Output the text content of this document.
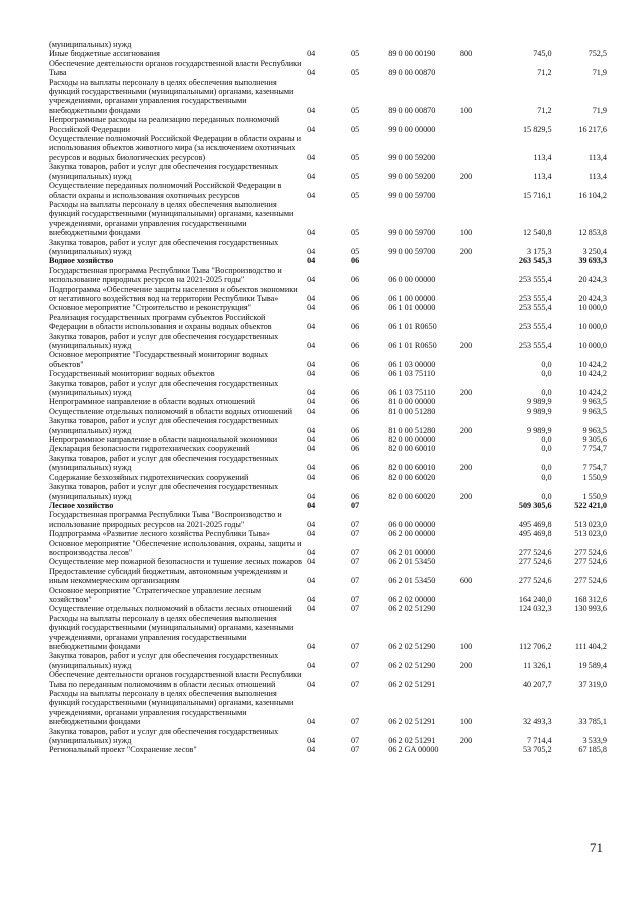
(муниципальных) нужд
Иные бюджетные ассигнования	04	05	89 0 00 00190	800	745,0	752,5
Обеспечение деятельности органов государственной власти Республики Тыва	04	05	89 0 00 00870	71,2	71,9
Расходы на выплаты персоналу в целях обеспечения выполнения функций государственными (муниципальными) органами, казенными учреждениями, органами управления государственными внебюджетными фондами	04	05	89 0 00 00870	100	71,2	71,9
Непрограммные расходы на реализацию переданных полномочий Российской Федерации	04	05	99 0 00 00000	15 829,5	16 217,6
Осуществление полномочий Российской Федерации в области охраны и использования объектов животного мира (за исключением охотничьих ресурсов и водных биологических ресурсов)	04	05	99 0 00 59200	113,4	113,4
Закупка товаров, работ и услуг для обеспечения государственных (муниципальных) нужд	04	05	99 0 00 59200	200	113,4	113,4
Осуществление переданных полномочий Российской Федерации в области охраны и использования охотничьих ресурсов	04	05	99 0 00 59700	15 716,1	16 104,2
Расходы на выплаты персоналу в целях обеспечения выполнения функций государственными (муниципальными) органами, казенными учреждениями, органами управления государственными внебюджетными фондами	04	05	99 0 00 59700	100	12 540,8	12 853,8
Закупка товаров, работ и услуг для обеспечения государственных (муниципальных) нужд	04	05	99 0 00 59700	200	3 175,3	3 250,4
Водное хозяйство	04	06	263 545,3	39 693,3
Государственная программа Республики Тыва "Воспроизводство и использование природных ресурсов на 2021-2025 годы"	04	06	06 0 00 00000	253 555,4	20 424,3
Подпрограмма «Обеспечение защиты населения и объектов экономики от негативного воздействия вод на территории Республики Тыва»	04	06	06 1 00 00000	253 555,4	20 424,3
Основное мероприятие "Строительство и реконструкция"	04	06	06 1 01 00000	253 555,4	10 000,0
Реализация государственных программ субъектов Российской Федерации в области использования и охраны водных объектов	04	06	06 1 01 R0650	253 555,4	10 000,0
Закупка товаров, работ и услуг для обеспечения государственных (муниципальных) нужд	04	06	06 1 01 R0650	200	253 555,4	10 000,0
Основное мероприятие "Государственный мониторинг водных объектов"	04	06	06 1 03 00000	0,0	10 424,2
Государственный мониторинг водных объектов	04	06	06 1 03 75110	0,0	10 424,2
Закупка товаров, работ и услуг для обеспечения государственных (муниципальных) нужд	04	06	06 1 03 75110	200	0,0	10 424,2
Непрограммное направление в области водных отношений	04	06	81 0 00 00000	9 989,9	9 963,5
Осуществление отдельных полномочий в области водных отношений	04	06	81 0 00 51280	9 989,9	9 963,5
Закупка товаров, работ и услуг для обеспечения государственных (муниципальных) нужд	04	06	81 0 00 51280	200	9 989,9	9 963,5
Непрограммное направление в области национальной экономики	04	06	82 0 00 00000	0,0	9 305,6
Декларация безопасности гидротехнических сооружений	04	06	82 0 00 60010	0,0	7 754,7
Закупка товаров, работ и услуг для обеспечения государственных (муниципальных) нужд	04	06	82 0 00 60010	200	0,0	7 754,7
Содержание безхозяйных гидротехнических сооружений	04	06	82 0 00 60020	0,0	1 550,9
Закупка товаров, работ и услуг для обеспечения государственных (муниципальных) нужд	04	06	82 0 00 60020	200	0,0	1 550,9
Лесное хозяйство	04	07	509 305,6	522 421,0
Государственная программа Республики Тыва "Воспроизводство и использование природных ресурсов на 2021-2025 годы"	04	07	06 0 00 00000	495 469,8	513 023,0
Подпрограмма «Развитие лесного хозяйства Республики Тыва»	04	07	06 2 00 00000	495 469,8	513 023,0
Основное мероприятие "Обеспечение использования, охраны, защиты и воспроизводства лесов"	04	07	06 2 01 00000	277 524,6	277 524,6
Осуществление мер пожарной безопасности и тушение лесных пожаров 04	07	06 2 01 53450	277 524,6	277 524,6
Предоставление субсидий бюджетным, автономным учреждениям и иным некоммерческим организациям	04	07	06 2 01 53450	600	277 524,6	277 524,6
Основное мероприятие "Стратегическое управление лесным хозяйством"	04	07	06 2 02 00000	164 240,0	168 312,6
Осуществление отдельных полномочий в области лесных отношений	04	07	06 2 02 51290	124 032,3	130 993,6
Расходы на выплаты персоналу в целях обеспечения выполнения функций государственными (муниципальными) органами, казенными учреждениями, органами управления государственными внебюджетными фондами	04	07	06 2 02 51290	100	112 706,2	111 404,2
Закупка товаров, работ и услуг для обеспечения государственных (муниципальных) нужд	04	07	06 2 02 51290	200	11 326,1	19 589,4
Обеспечение деятельности органов государственной власти Республики Тыва по переданным полномочиям в области лесных отношений	04	07	06 2 02 51291	40 207,7	37 319,0
Расходы на выплаты персоналу в целях обеспечения выполнения функций государственными (муниципальными) органами, казенными учреждениями, органами управления государственными внебюджетными фондами	04	07	06 2 02 51291	100	32 493,3	33 785,1
Закупка товаров, работ и услуг для обеспечения государственных (муниципальных) нужд	04	07	06 2 02 51291	200	7 714,4	3 533,9
Региональный проект "Сохранение лесов"	04	07	06 2 GA 00000	53 705,2	67 185,8
71
